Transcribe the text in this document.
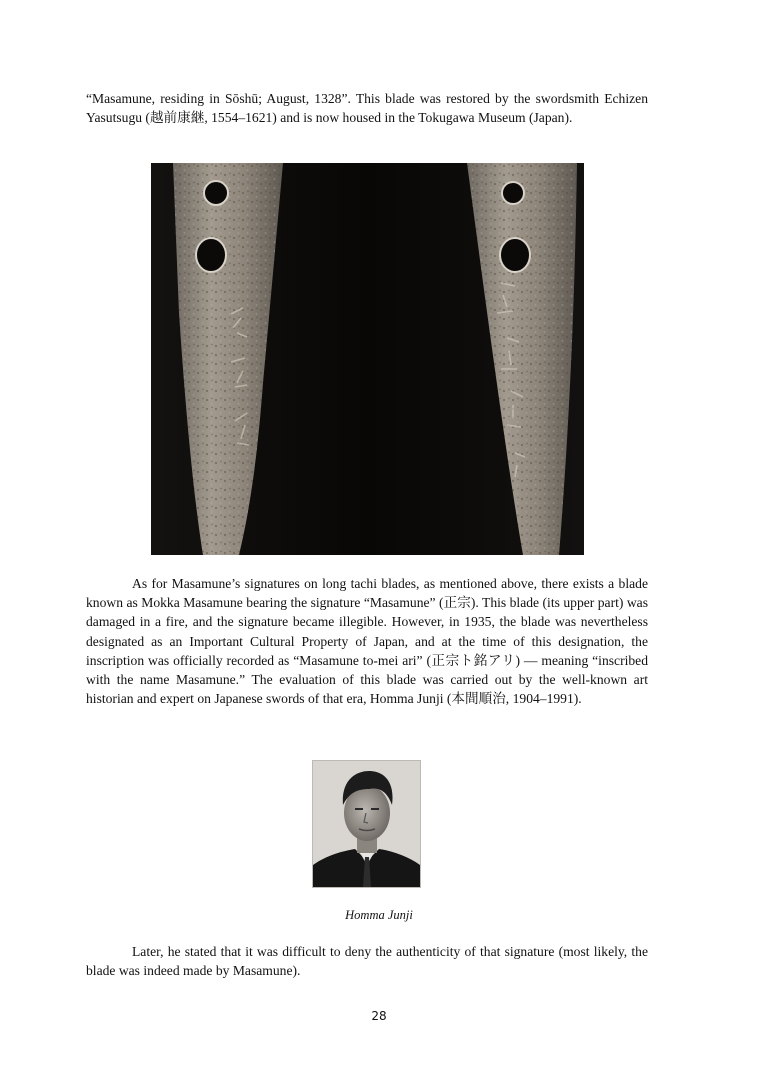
“Masamune, residing in Sōshū; August, 1328”. This blade was restored by the swordsmith Echizen Yasutsugu (越前康継, 1554–1621) and is now housed in the Tokugawa Museum (Japan).

As for Masamune’s signatures on long tachi blades, as mentioned above, there exists a blade known as Mokka Masamune bearing the signature “Masamune” (正宗). This blade (its upper part) was damaged in a fire, and the signature became illegible. However, in 1935, the blade was nevertheless designated as an Important Cultural Property of Japan, and at the time of this designation, the inscription was officially recorded as “Masamune to-mei ari” (正宗ト銘アリ) — meaning “inscribed with the name Masamune.” The evaluation of this blade was carried out by the well-known art historian and expert on Japanese swords of that era, Homma Junji (本間順治, 1904–1991).

Homma Junji

Later, he stated that it was difficult to deny the authenticity of that signature (most likely, the blade was indeed made by Masamune).

28
